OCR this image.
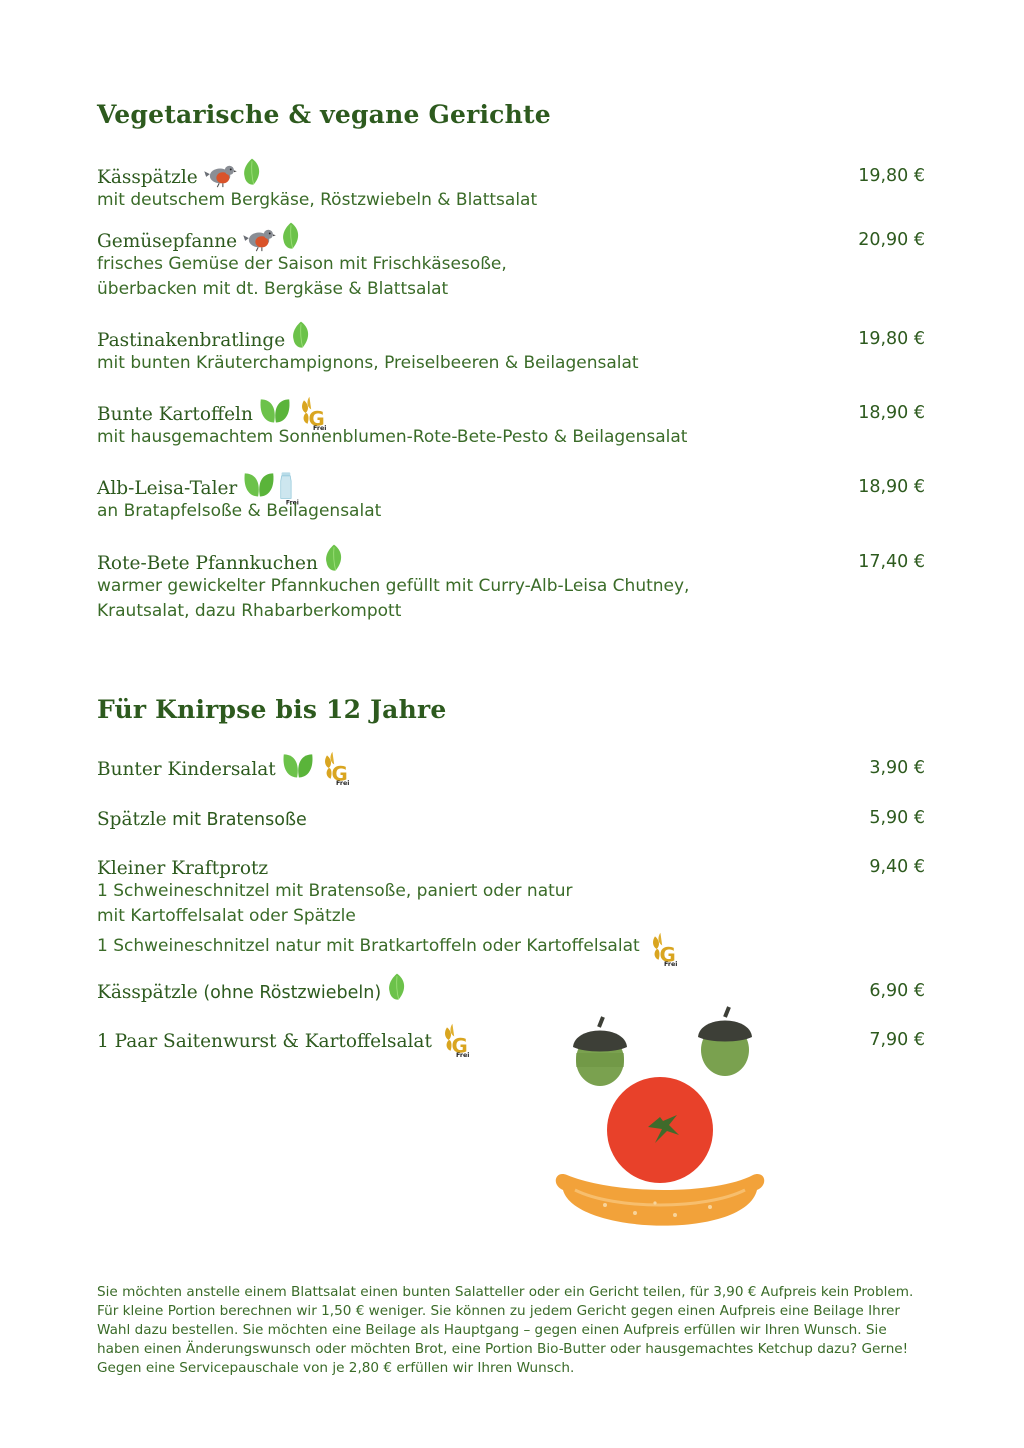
Vegetarische & vegane Gerichte
Kässpätzle	19,80 €
mit deutschem Bergkäse, Röstzwiebeln & Blattsalat
Gemüsepfanne	20,90 €
frisches Gemüse der Saison mit Frischkäsesoße,
überbacken mit dt. Bergkäse & Blattsalat
Pastinakenbratlinge	19,80 €
mit bunten Kräuterchampignons, Preiselbeeren & Beilagensalat
Bunte Kartoffeln	18,90 €
mit hausgemachtem Sonnenblumen-Rote-Bete-Pesto & Beilagensalat
Alb-Leisa-Taler	18,90 €
an Bratapfelsoße & Beilagensalat
Rote-Bete Pfannkuchen	17,40 €
warmer gewickelter Pfannkuchen gefüllt mit Curry-Alb-Leisa Chutney,
Krautsalat, dazu Rhabarberkompott
Für Knirpse bis 12 Jahre
Bunter Kindersalat	3,90 €
Spätzle mit Bratensoße	5,90 €
Kleiner Kraftprotz	9,40 €
1 Schweineschnitzel mit Bratensoße, paniert oder natur
mit Kartoffelsalat oder Spätzle
1 Schweineschnitzel natur mit Bratkartoffeln oder Kartoffelsalat
Kässpätzle (ohne Röstzwiebeln)	6,90 €
1 Paar Saitenwurst & Kartoffelsalat	7,90 €
Sie möchten anstelle einem Blattsalat einen bunten Salatteller oder ein Gericht teilen, für 3,90 € Aufpreis kein Problem.
Für kleine Portion berechnen wir 1,50 € weniger. Sie können zu jedem Gericht gegen einen Aufpreis eine Beilage Ihrer
Wahl dazu bestellen. Sie möchten eine Beilage als Hauptgang – gegen einen Aufpreis erfüllen wir Ihren Wunsch. Sie
haben einen Änderungswunsch oder möchten Brot, eine Portion Bio-Butter oder hausgemachtes Ketchup dazu? Gerne!
Gegen eine Servicepauschale von je 2,80 € erfüllen wir Ihren Wunsch.
